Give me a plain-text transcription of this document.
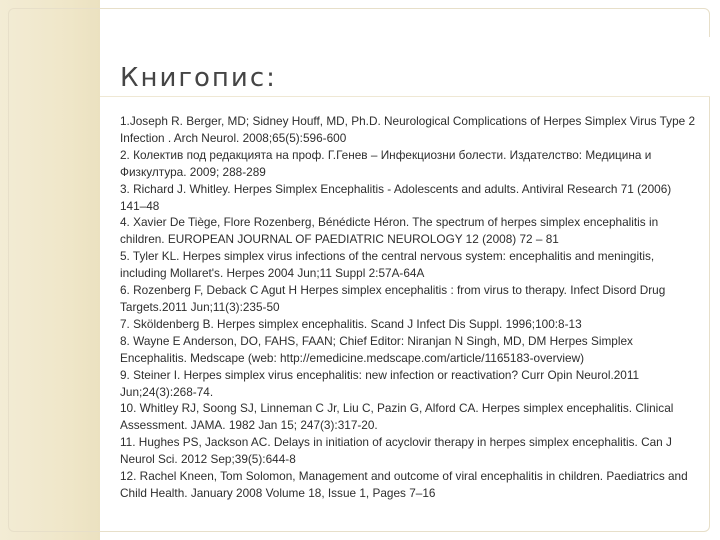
Книгопис:
1.Joseph R. Berger, MD; Sidney Houff, MD, Ph.D. Neurological Complications of Herpes Simplex Virus Type 2 Infection . Arch Neurol. 2008;65(5):596-600
2. Колектив под редакцията на проф. Г.Генев – Инфекциозни болести. Издателство: Медицина и Физкултура. 2009; 288-289
3. Richard J. Whitley. Herpes Simplex Encephalitis - Adolescents and adults. Antiviral Research 71 (2006) 141–48
4. Xavier De Tiège, Flore Rozenberg, Bénédicte Héron. The spectrum of herpes simplex encephalitis in children. EUROPEAN JOURNAL OF PAEDIATRIC NEUROLOGY 12 (2008) 72 – 81
5. Tyler KL. Herpes simplex virus infections of the central nervous system: encephalitis and meningitis, including Mollaret's. Herpes 2004 Jun;11 Suppl 2:57A-64A
6. Rozenberg F, Deback C Agut H Herpes simplex encephalitis : from virus to therapy. Infect Disord Drug Targets.2011 Jun;11(3):235-50
7. Sköldenberg B. Herpes simplex encephalitis. Scand J Infect Dis Suppl. 1996;100:8-13
8. Wayne E Anderson, DO, FAHS, FAAN; Chief Editor: Niranjan N Singh, MD, DM Herpes Simplex Encephalitis. Medscape (web: http://emedicine.medscape.com/article/1165183-overview)
9. Steiner I. Herpes simplex virus encephalitis: new infection or reactivation? Curr Opin Neurol.2011 Jun;24(3):268-74.
10. Whitley RJ, Soong SJ, Linneman C Jr, Liu C, Pazin G, Alford CA. Herpes simplex encephalitis. Clinical Assessment. JAMA. 1982 Jan 15; 247(3):317-20.
11. Hughes PS, Jackson AC. Delays in initiation of acyclovir therapy in herpes simplex encephalitis. Can J Neurol Sci. 2012 Sep;39(5):644-8
12. Rachel Kneen, Tom Solomon, Management and outcome of viral encephalitis in children. Paediatrics and Child Health. January 2008 Volume 18, Issue 1, Pages 7–16
